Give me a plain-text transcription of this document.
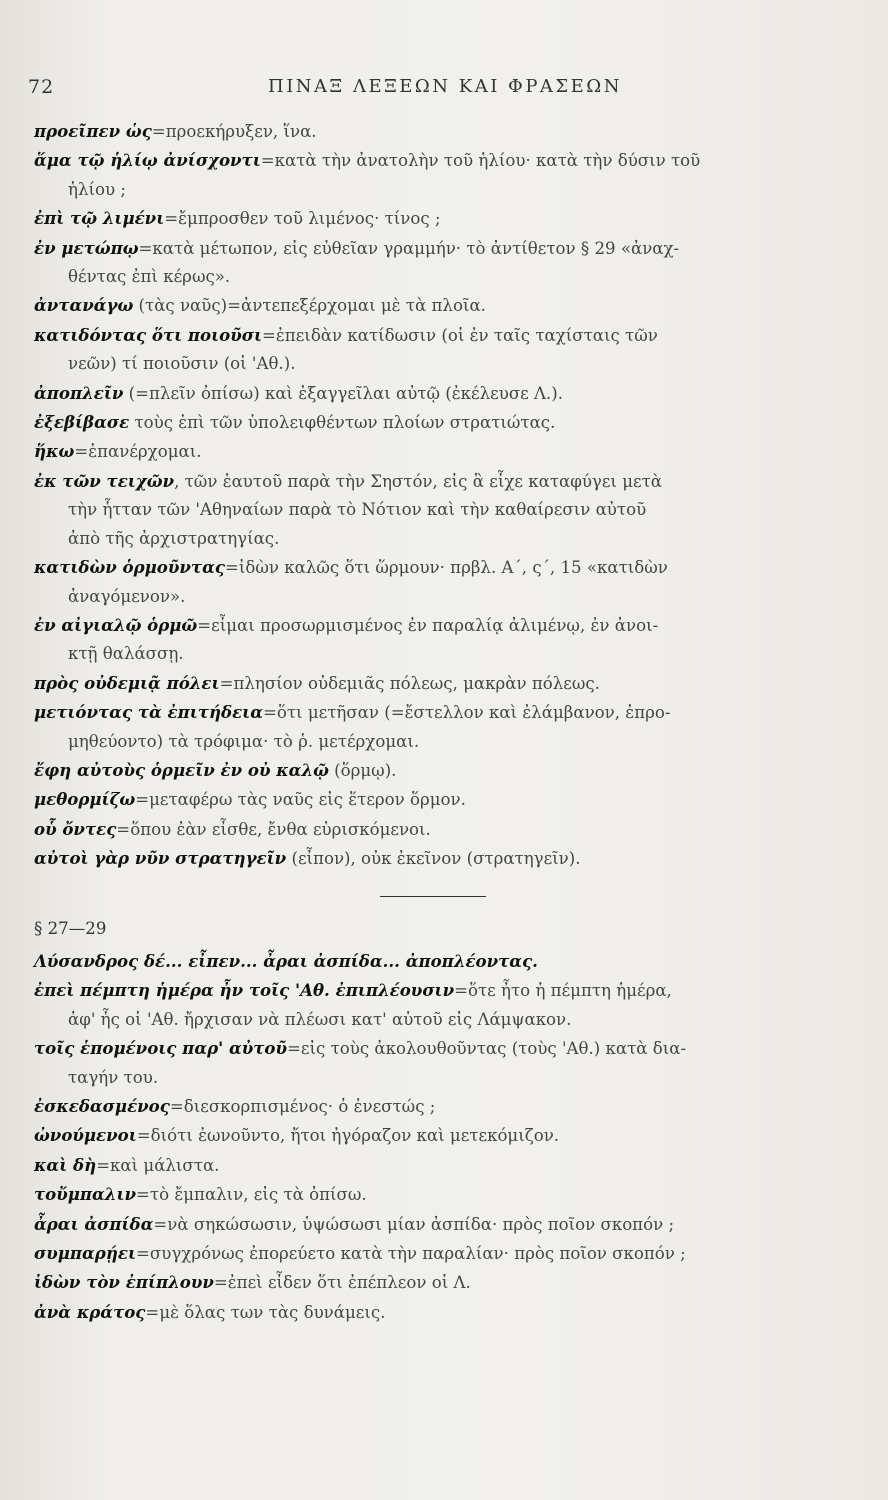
72	ΠΙΝΑΞ ΛΕΞΕΩΝ ΚΑΙ ΦΡΑΣΕΩΝ
προεῖπεν ὡς=προεκήρυξεν, ἵνα.
ἅμα τῷ ἡλίῳ ἀνίσχοντι=κατὰ τὴν ἀνατολὴν τοῦ ἡλίου· κατὰ τὴν δύσιν τοῦ
ἡλίου ;
ἐπὶ τῷ λιμένι=ἔμπροσθεν τοῦ λιμένος· τίνος ;
ἐν μετώπῳ=κατὰ μέτωπον, εἰς εὐθεῖαν γραμμήν· τὸ ἀντίθετον § 29 «ἀναχ-
θέντας ἐπὶ κέρως».
ἀντανάγω (τὰς ναῦς)=ἀντεπεξέρχομαι μὲ τὰ πλοῖα.
κατιδόντας ὅτι ποιοῦσι=ἐπειδὰν κατίδωσιν (οἱ ἐν ταῖς ταχίσταις τῶν
νεῶν) τί ποιοῦσιν (οἱ 'Αθ.).
ἀποπλεῖν (=πλεῖν ὀπίσω) καὶ ἐξαγγεῖλαι αὐτῷ (ἐκέλευσε Λ.).
ἐξεβίβασε τοὺς ἐπὶ τῶν ὑπολειφθέντων πλοίων στρατιώτας.
ἥκω=ἐπανέρχομαι.
ἐκ τῶν τειχῶν, τῶν ἑαυτοῦ παρὰ τὴν Σηστόν, εἰς ἃ εἶχε καταφύγει μετὰ
τὴν ἧτταν τῶν 'Αθηναίων παρὰ τὸ Νότιον καὶ τὴν καθαίρεσιν αὐτοῦ
ἀπὸ τῆς ἀρχιστρατηγίας.
κατιδὼν ὁρμοῦντας=ἰδὼν καλῶς ὅτι ὥρμουν· πρβλ. Α΄, ς΄, 15 «κατιδὼν
ἀναγόμενον».
ἐν αἰγιαλῷ ὁρμῶ=εἶμαι προσωρμισμένος ἐν παραλίᾳ ἀλιμένῳ, ἐν ἀνοι-
κτῇ θαλάσσῃ.
πρὸς οὐδεμιᾷ πόλει=πλησίον οὐδεμιᾶς πόλεως, μακρὰν πόλεως.
μετιόντας τὰ ἐπιτήδεια=ὅτι μετῆσαν (=ἔστελλον καὶ ἐλάμβανον, ἐπρο-
μηθεύοντο) τὰ τρόφιμα· τὸ ῥ. μετέρχομαι.
ἔφη αὐτοὺς ὁρμεῖν ἐν οὐ καλῷ (ὅρμῳ).
μεθορμίζω=μεταφέρω τὰς ναῦς εἰς ἕτερον ὅρμον.
οὗ ὄντες=ὅπου ἐὰν εἶσθε, ἔνθα εὑρισκόμενοι.
αὐτοὶ γὰρ νῦν στρατηγεῖν (εἶπον), οὐκ ἐκεῖνον (στρατηγεῖν).
§ 27—29
Λύσανδρος δέ... εἶπεν... ἆραι ἀσπίδα... ἀποπλέοντας.
ἐπεὶ πέμπτη ἡμέρα ἦν τοῖς 'Αθ. ἐπιπλέουσιν=ὅτε ἦτο ἡ πέμπτη ἡμέρα,
ἀφ' ἧς οἱ 'Αθ. ἤρχισαν νὰ πλέωσι κατ' αὐτοῦ εἰς Λάμψακον.
τοῖς ἑπομένοις παρ' αὐτοῦ=εἰς τοὺς ἀκολουθοῦντας (τοὺς 'Αθ.) κατὰ δια-
ταγήν του.
ἐσκεδασμένος=διεσκορπισμένος· ὁ ἐνεστώς ;
ὠνούμενοι=διότι ἐωνοῦντο, ἤτοι ἠγόραζον καὶ μετεκόμιζον.
καὶ δὴ=καὶ μάλιστα.
τοὔμπαλιν=τὸ ἔμπαλιν, εἰς τὰ ὀπίσω.
ἆραι ἀσπίδα=νὰ σηκώσωσιν, ὑψώσωσι μίαν ἀσπίδα· πρὸς ποῖον σκοπόν ;
συμπαρῄει=συγχρόνως ἐπορεύετο κατὰ τὴν παραλίαν· πρὸς ποῖον σκοπόν ;
ἰδὼν τὸν ἐπίπλουν=ἐπεὶ εἶδεν ὅτι ἐπέπλεον οἱ Λ.
ἀνὰ κράτος=μὲ ὅλας των τὰς δυνάμεις.
